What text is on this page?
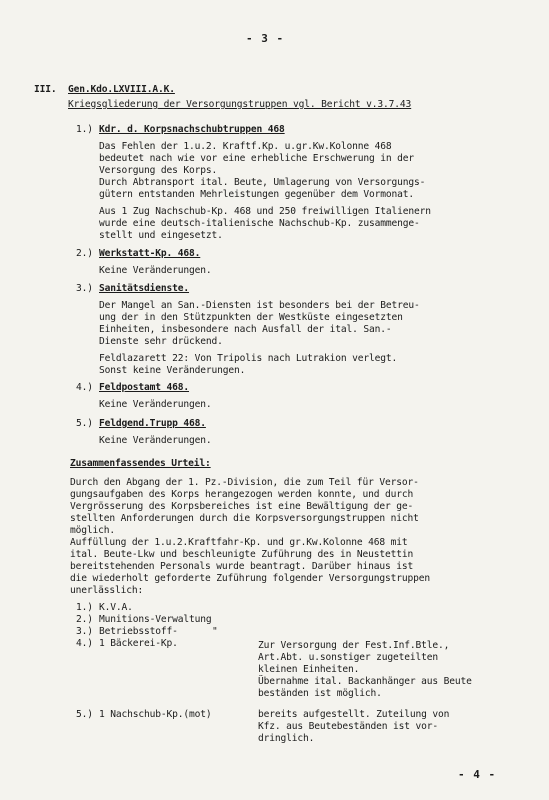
- 3 -
III. Gen.Kdo.LXVIII.A.K.
Kriegsgliederung der Versorgungstruppen vgl. Bericht v.3.7.43
1.) Kdr. d. Korpsnachschubtruppen 468
Das Fehlen der 1.u.2. Kraftf.Kp. u.gr.Kw.Kolonne 468
bedeutet nach wie vor eine erhebliche Erschwerung in der
Versorgung des Korps.
Durch Abtransport ital. Beute, Umlagerung von Versorgungs-
gütern entstanden Mehrleistungen gegenüber dem Vormonat.
Aus 1 Zug Nachschub-Kp. 468 und 250 freiwilligen Italienern
wurde eine deutsch-italienische Nachschub-Kp. zusammenge-
stellt und eingesetzt.
2.) Werkstatt-Kp. 468.
Keine Veränderungen.
3.) Sanitätsdienste.
Der Mangel an San.-Diensten ist besonders bei der Betreu-
ung der in den Stützpunkten der Westküste eingesetzten
Einheiten, insbesondere nach Ausfall der ital. San.-
Dienste sehr drückend.
Feldlazarett 22: Von Tripolis nach Lutrakion verlegt.
Sonst keine Veränderungen.
4.) Feldpostamt 468.
Keine Veränderungen.
5.) Feldgend.Trupp 468.
Keine Veränderungen.
Zusammenfassendes Urteil:
Durch den Abgang der 1. Pz.-Division, die zum Teil für Versor-
gungsaufgaben des Korps herangezogen werden konnte, und durch
Vergrösserung des Korpsbereiches ist eine Bewältigung der ge-
stellten Anforderungen durch die Korpsversorgungstruppen nicht
möglich.
Auffüllung der 1.u.2.Kraftfahr-Kp. und gr.Kw.Kolonne 468 mit
ital. Beute-Lkw und beschleunigte Zuführung des in Neustettin
bereitstehenden Personals wurde beantragt. Darüber hinaus ist
die wiederholt geforderte Zuführung folgender Versorgungstruppen
unerlässlich:
1.) K.V.A.
2.) Munitions-Verwaltung
3.) Betriebsstoff-	"
4.) 1 Bäckerei-Kp.	Zur Versorgung der Fest.Inf.Btle.,
Art.Abt. u.sonstiger zugeteilten
kleinen Einheiten.
Übernahme ital. Backanhänger aus Beute
beständen ist möglich.
5.) 1 Nachschub-Kp.(mot)	bereits aufgestellt. Zuteilung von
Kfz. aus Beutebeständen ist vor-
dringlich.
- 4 -
